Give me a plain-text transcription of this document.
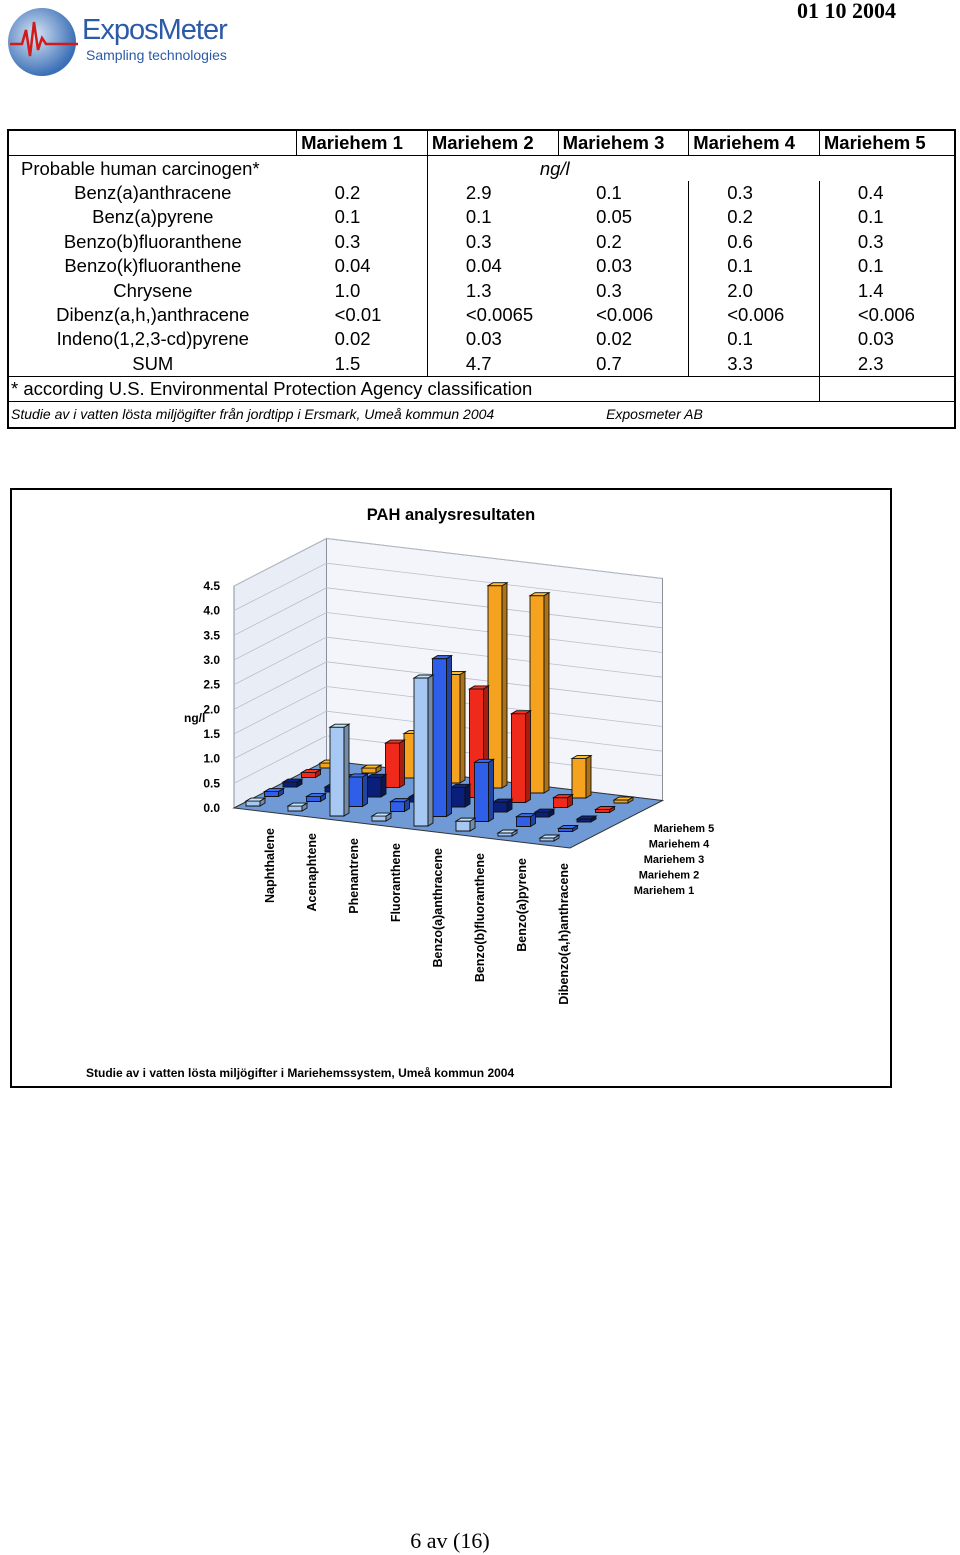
ExposMeter
Sampling technologies
01 10 2004
	Mariehem 1	Mariehem 2	Mariehem 3	Mariehem 4	Mariehem 5
Probable human carcinogen*		ng/l			
Benz(a)anthracene	0.2	2.9	0.1	0.3	0.4
Benz(a)pyrene	0.1	0.1	0.05	0.2	0.1
Benzo(b)fluoranthene	0.3	0.3	0.2	0.6	0.3
Benzo(k)fluoranthene	0.04	0.04	0.03	0.1	0.1
Chrysene	1.0	1.3	0.3	2.0	1.4
Dibenz(a,h,)anthracene	<0.01	<0.0065	<0.006	<0.006	<0.006
Indeno(1,2,3-cd)pyrene	0.02	0.03	0.02	0.1	0.03
SUM	1.5	4.7	0.7	3.3	2.3
* according U.S. Environmental Protection Agency classification					
Studie av i vatten lösta miljögifter från jordtipp i Ersmark, Umeå kommun 2004			Exposmeter AB		
PAH analysresultaten
4.5
4.0
3.5
3.0
2.5
2.0
1.5
1.0
0.5
0.0
ng/l
Naphthalene Acenaphtene Phenantrene Fluoranthene Benzo(a)anthracene Benzo(b)fluoranthene Benzo(a)pyrene Dibenzo(a,h)anthracene
Mariehem 5
Mariehem 4
Mariehem 3
Mariehem 2
Mariehem 1
Studie av i vatten lösta miljögifter i Mariehemssystem, Umeå kommun 2004
6 av (16)
